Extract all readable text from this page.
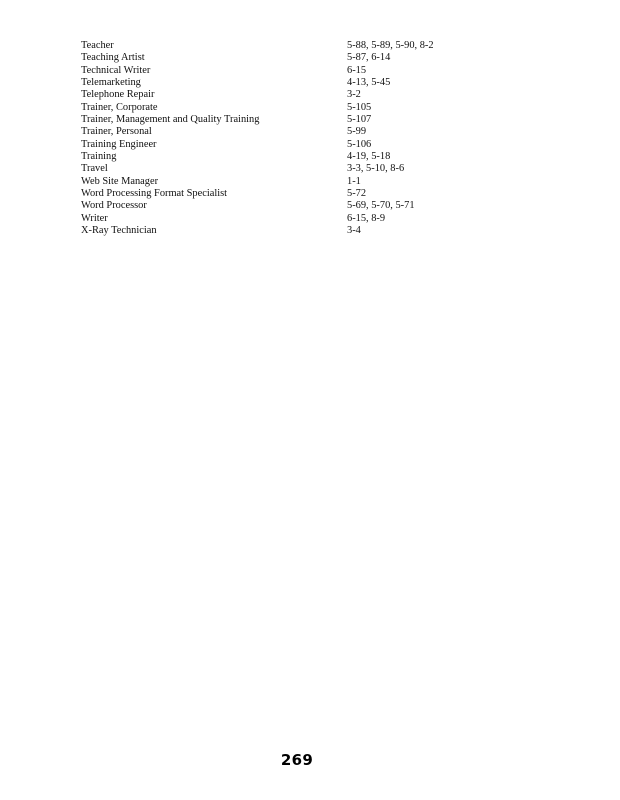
Teacher	5-88, 5-89, 5-90, 8-2
Teaching Artist	5-87, 6-14
Technical Writer	6-15
Telemarketing	4-13, 5-45
Telephone Repair	3-2
Trainer, Corporate	5-105
Trainer, Management and Quality Training	5-107
Trainer, Personal	5-99
Training Engineer	5-106
Training	4-19, 5-18
Travel	3-3, 5-10, 8-6
Web Site Manager	1-1
Word Processing Format Specialist	5-72
Word Processor	5-69, 5-70, 5-71
Writer	6-15, 8-9
X-Ray Technician	3-4
269
